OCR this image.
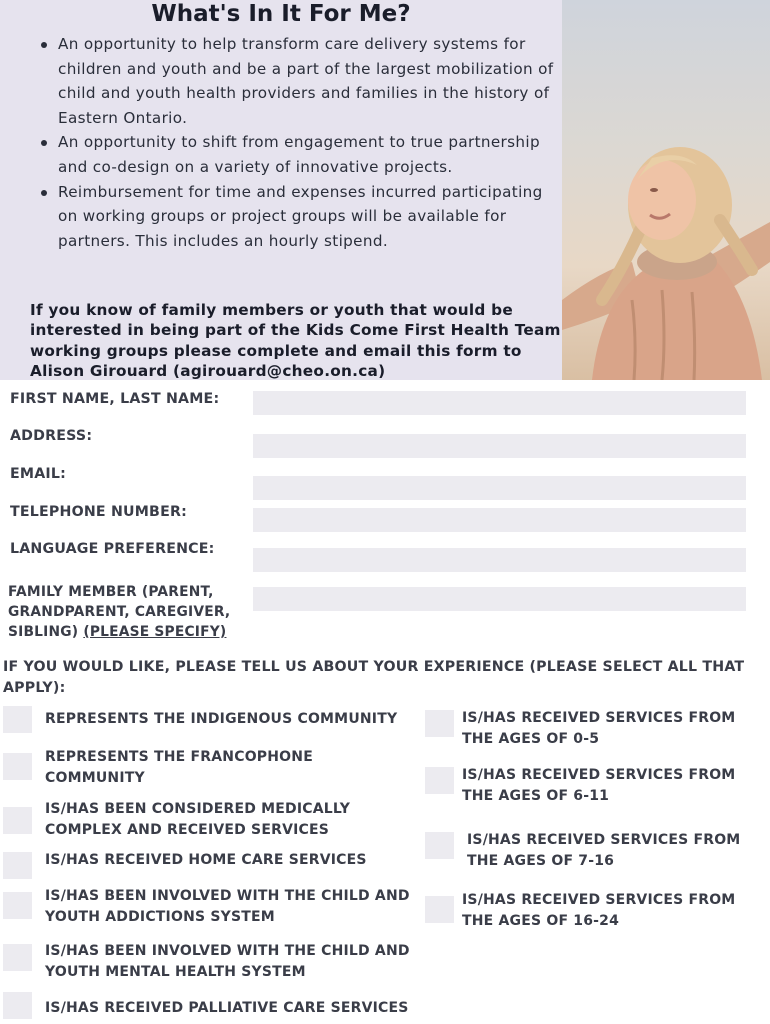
What's In It For Me?
An opportunity to help transform care delivery systems for children and youth and be a part of the largest mobilization of child and youth health providers and families in the history of Eastern Ontario.
An opportunity to shift from engagement to true partnership and co-design on a variety of innovative projects.
Reimbursement for time and expenses incurred participating on working groups or project groups will be available for partners. This includes an hourly stipend.
If you know of family members or youth that would be interested in being part of the Kids Come First Health Team working groups please complete and email this form to Alison Girouard (agirouard@cheo.on.ca)
FIRST NAME, LAST NAME:
ADDRESS:
EMAIL:
TELEPHONE NUMBER:
LANGUAGE PREFERENCE:
FAMILY MEMBER (PARENT, GRANDPARENT, CAREGIVER, SIBLING) (PLEASE SPECIFY)
IF YOU WOULD LIKE, PLEASE TELL US ABOUT YOUR EXPERIENCE (PLEASE SELECT ALL THAT APPLY):
REPRESENTS THE INDIGENOUS COMMUNITY
REPRESENTS THE FRANCOPHONE COMMUNITY
IS/HAS BEEN CONSIDERED MEDICALLY COMPLEX AND RECEIVED SERVICES
IS/HAS RECEIVED HOME CARE SERVICES
IS/HAS BEEN INVOLVED WITH THE CHILD AND YOUTH ADDICTIONS SYSTEM
IS/HAS BEEN INVOLVED WITH THE CHILD AND YOUTH MENTAL HEALTH SYSTEM
IS/HAS RECEIVED PALLIATIVE CARE SERVICES
IS/HAS RECEIVED SERVICES FROM THE AGES OF 0-5
IS/HAS RECEIVED SERVICES FROM THE AGES OF 6-11
IS/HAS RECEIVED SERVICES FROM THE AGES OF 7-16
IS/HAS RECEIVED SERVICES FROM THE AGES OF 16-24
